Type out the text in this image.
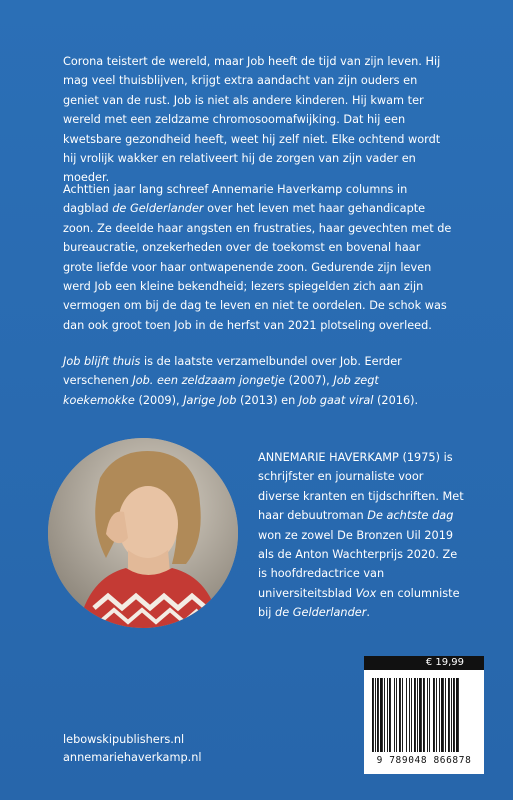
Corona teistert de wereld, maar Job heeft de tijd van zijn leven. Hij mag veel thuisblijven, krijgt extra aandacht van zijn ouders en geniet van de rust. Job is niet als andere kinderen. Hij kwam ter wereld met een zeldzame chromosoomafwijking. Dat hij een kwetsbare gezondheid heeft, weet hij zelf niet. Elke ochtend wordt hij vrolijk wakker en relativeert hij de zorgen van zijn vader en moeder.

Achttien jaar lang schreef Annemarie Haverkamp columns in dagblad de Gelderlander over het leven met haar gehandicapte zoon. Ze deelde haar angsten en frustraties, haar gevechten met de bureaucratie, onzekerheden over de toekomst en bovenal haar grote liefde voor haar ontwapenende zoon. Gedurende zijn leven werd Job een kleine bekendheid; lezers spiegelden zich aan zijn vermogen om bij de dag te leven en niet te oordelen. De schok was dan ook groot toen Job in de herfst van 2021 plotseling overleed.

Job blijft thuis is de laatste verzamelbundel over Job. Eerder verschenen Job. een zeldzaam jongetje (2007), Job zegt koekemokke (2009), Jarige Job (2013) en Job gaat viral (2016).

ANNEMARIE HAVERKAMP (1975) is schrijfster en journaliste voor diverse kranten en tijdschriften. Met haar debuutroman De achtste dag won ze zowel De Bronzen Uil 2019 als de Anton Wachterprijs 2020. Ze is hoofdredactrice van universiteitsblad Vox en columniste bij de Gelderlander.

€ 19,99
9 789048 866878

lebowskipublishers.nl

annemariehaverkamp.nl
